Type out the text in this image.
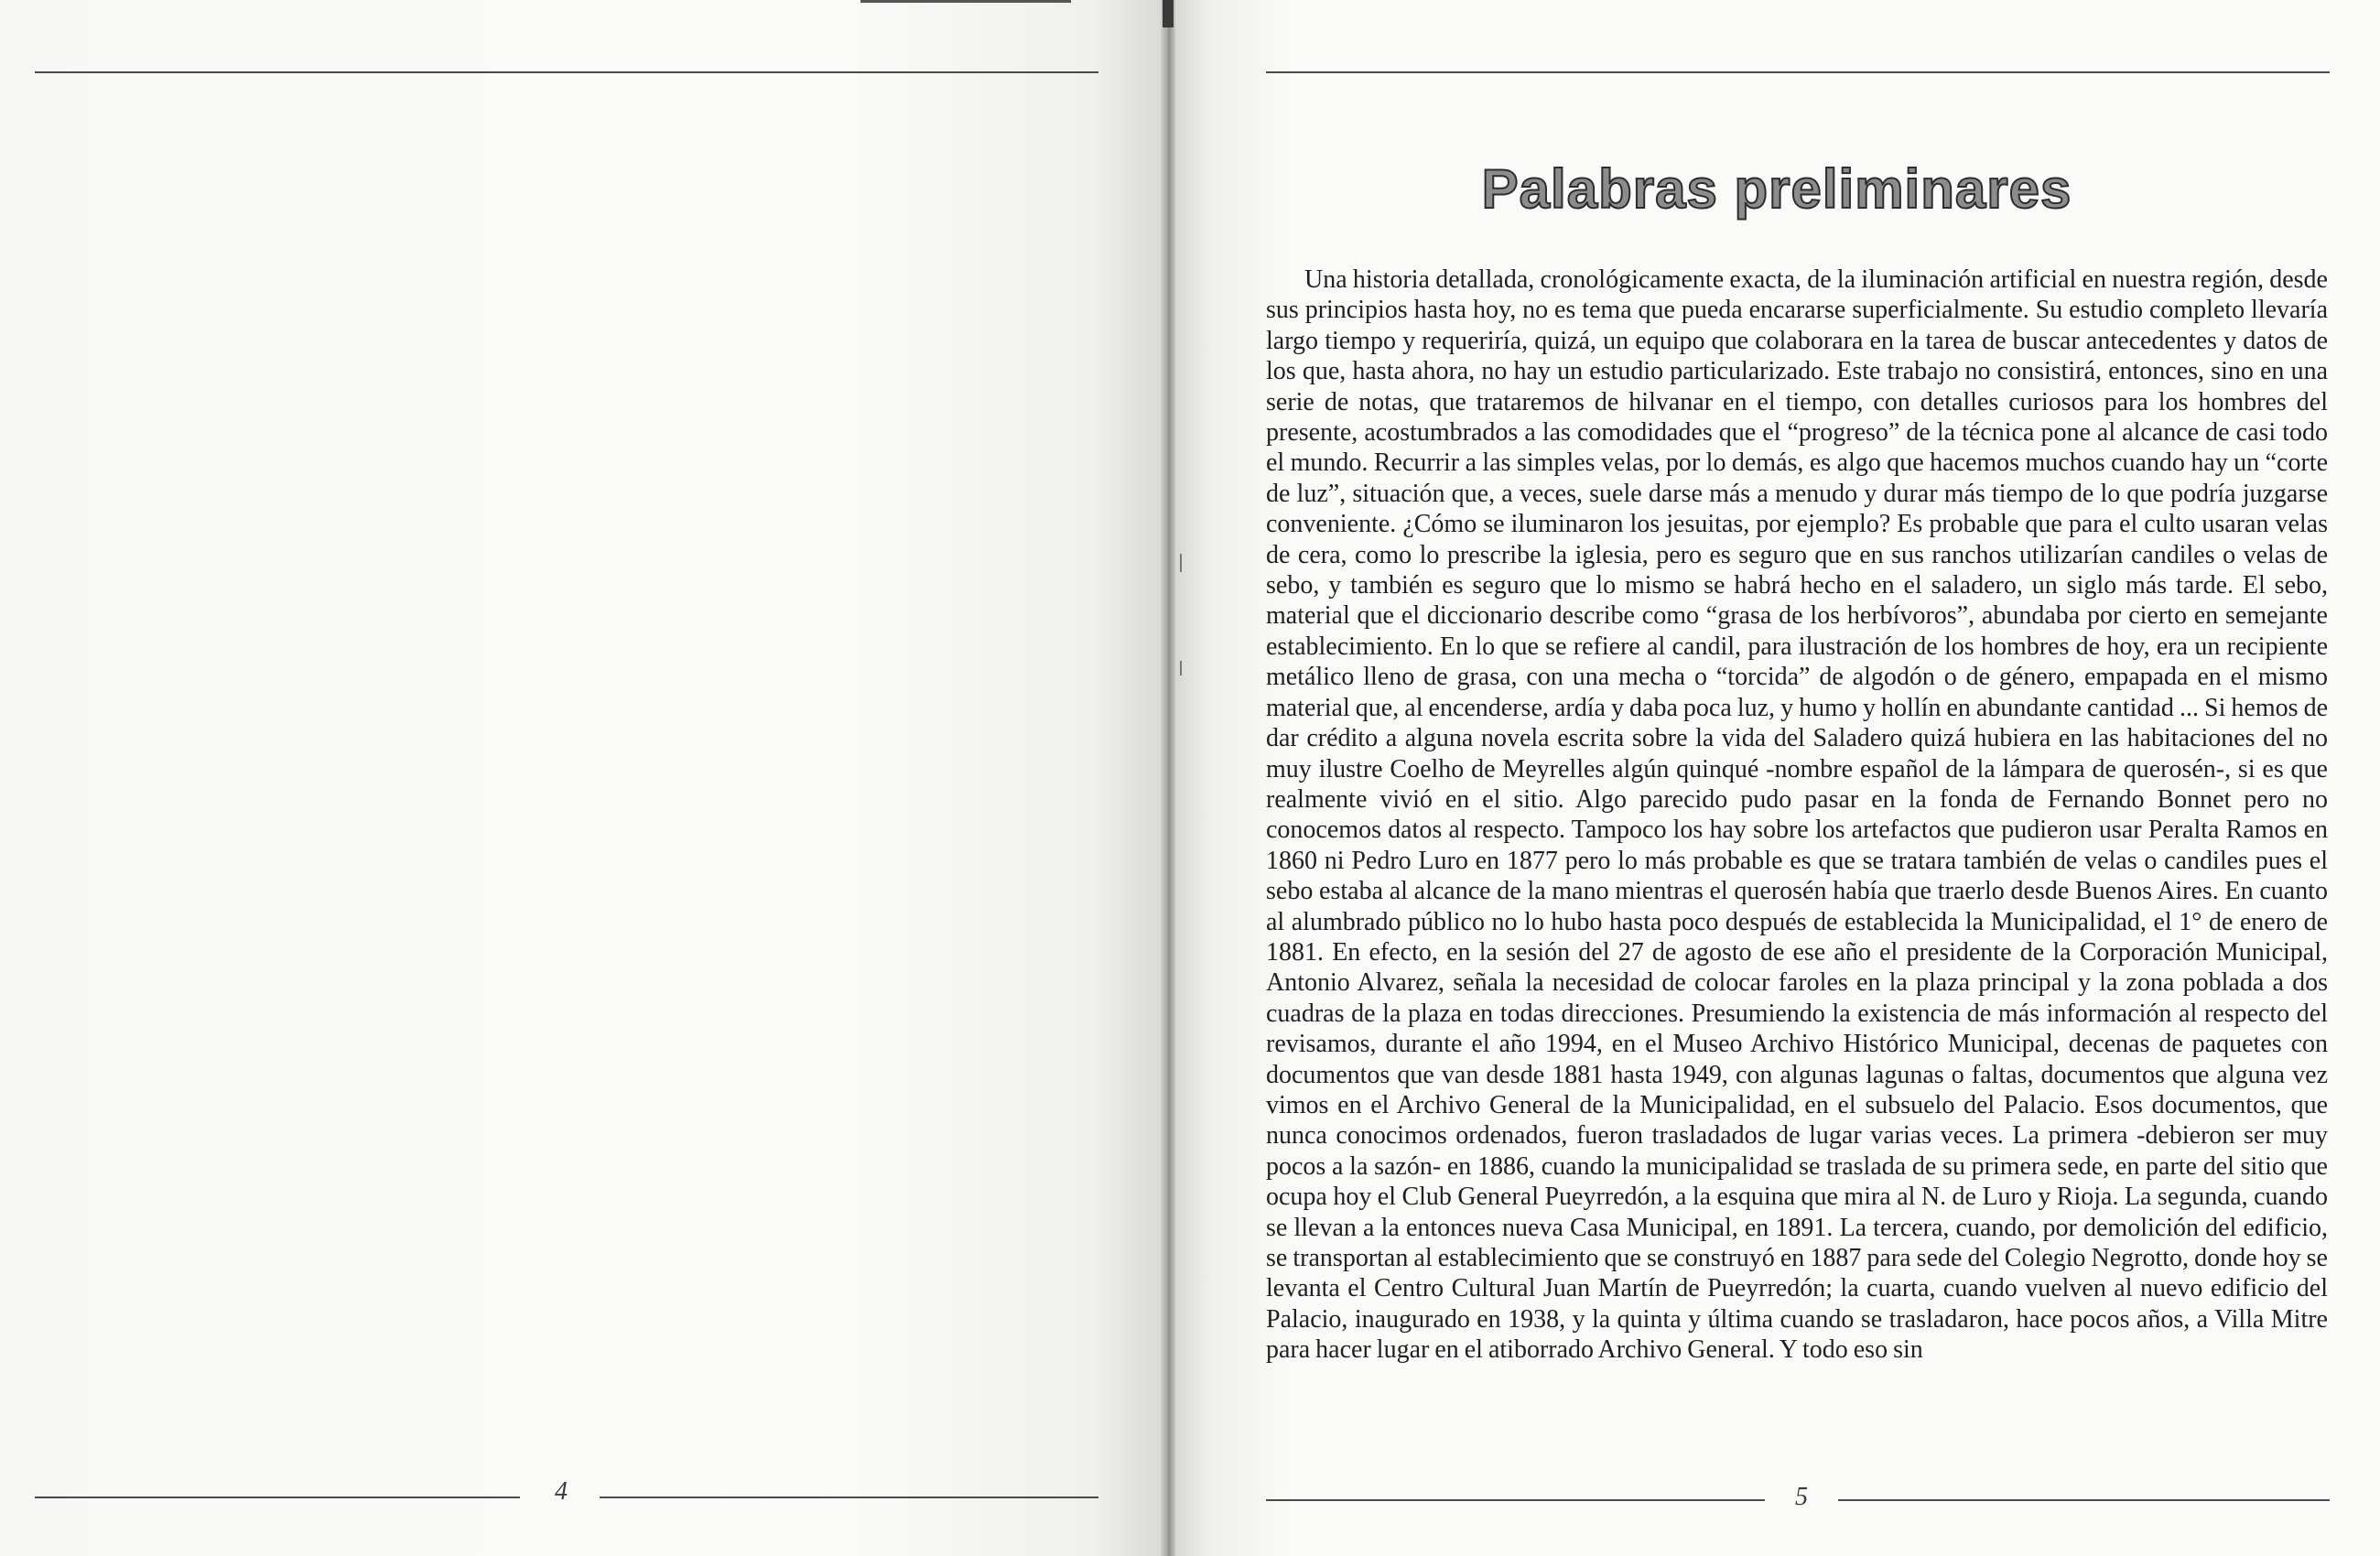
4
Palabras preliminares

Una historia detallada, cronológicamente exacta, de la iluminación artificial en nuestra región, desde sus principios hasta hoy, no es tema que pueda encararse superficialmente. Su estudio completo llevaría largo tiempo y requeriría, quizá, un equipo que colaborara en la tarea de buscar antecedentes y datos de los que, hasta ahora, no hay un estudio particularizado. Este trabajo no consistirá, entonces, sino en una serie de notas, que trataremos de hilvanar en el tiempo, con detalles curiosos para los hombres del presente, acostumbrados a las comodidades que el “progreso” de la técnica pone al alcance de casi todo el mundo. Recurrir a las simples velas, por lo demás, es algo que hacemos muchos cuando hay un “corte de luz”, situación que, a veces, suele darse más a menudo y durar más tiempo de lo que podría juzgarse conveniente. ¿Cómo se iluminaron los jesuitas, por ejemplo? Es probable que para el culto usaran velas de cera, como lo prescribe la iglesia, pero es seguro que en sus ranchos utilizarían candiles o velas de sebo, y también es seguro que lo mismo se habrá hecho en el saladero, un siglo más tarde. El sebo, material que el diccionario describe como “grasa de los herbívoros”, abundaba por cierto en semejante establecimiento. En lo que se refiere al candil, para ilustración de los hombres de hoy, era un recipiente metálico lleno de grasa, con una mecha o “torcida” de algodón o de género, empapada en el mismo material que, al encenderse, ardía y daba poca luz, y humo y hollín en abundante cantidad ... Si hemos de dar crédito a alguna novela escrita sobre la vida del Saladero quizá hubiera en las habitaciones del no muy ilustre Coelho de Meyrelles algún quinqué -nombre español de la lámpara de querosén-, si es que realmente vivió en el sitio. Algo parecido pudo pasar en la fonda de Fernando Bonnet pero no conocemos datos al respecto. Tampoco los hay sobre los artefactos que pudieron usar Peralta Ramos en 1860 ni Pedro Luro en 1877 pero lo más probable es que se tratara también de velas o candiles pues el sebo estaba al alcance de la mano mientras el querosén había que traerlo desde Buenos Aires. En cuanto al alumbrado público no lo hubo hasta poco después de establecida la Municipalidad, el 1° de enero de 1881. En efecto, en la sesión del 27 de agosto de ese año el presidente de la Corporación Municipal, Antonio Alvarez, señala la necesidad de colocar faroles en la plaza principal y la zona poblada a dos cuadras de la plaza en todas direcciones. Presumiendo la existencia de más información al respecto del revisamos, durante el año 1994, en el Museo Archivo Histórico Municipal, decenas de paquetes con documentos que van desde 1881 hasta 1949, con algunas lagunas o faltas, documentos que alguna vez vimos en el Archivo General de la Municipalidad, en el subsuelo del Palacio. Esos documentos, que nunca conocimos ordenados, fueron trasladados de lugar varias veces. La primera -debieron ser muy pocos a la sazón- en 1886, cuando la municipalidad se traslada de su primera sede, en parte del sitio que ocupa hoy el Club General Pueyrredón, a la esquina que mira al N. de Luro y Rioja. La segunda, cuando se llevan a la entonces nueva Casa Municipal, en 1891. La tercera, cuando, por demolición del edificio, se transportan al establecimiento que se construyó en 1887 para sede del Colegio Negrotto, donde hoy se levanta el Centro Cultural Juan Martín de Pueyrredón; la cuarta, cuando vuelven al nuevo edificio del Palacio, inaugurado en 1938, y la quinta y última cuando se trasladaron, hace pocos años, a Villa Mitre para hacer lugar en el atiborrado Archivo General. Y todo eso sin

5
